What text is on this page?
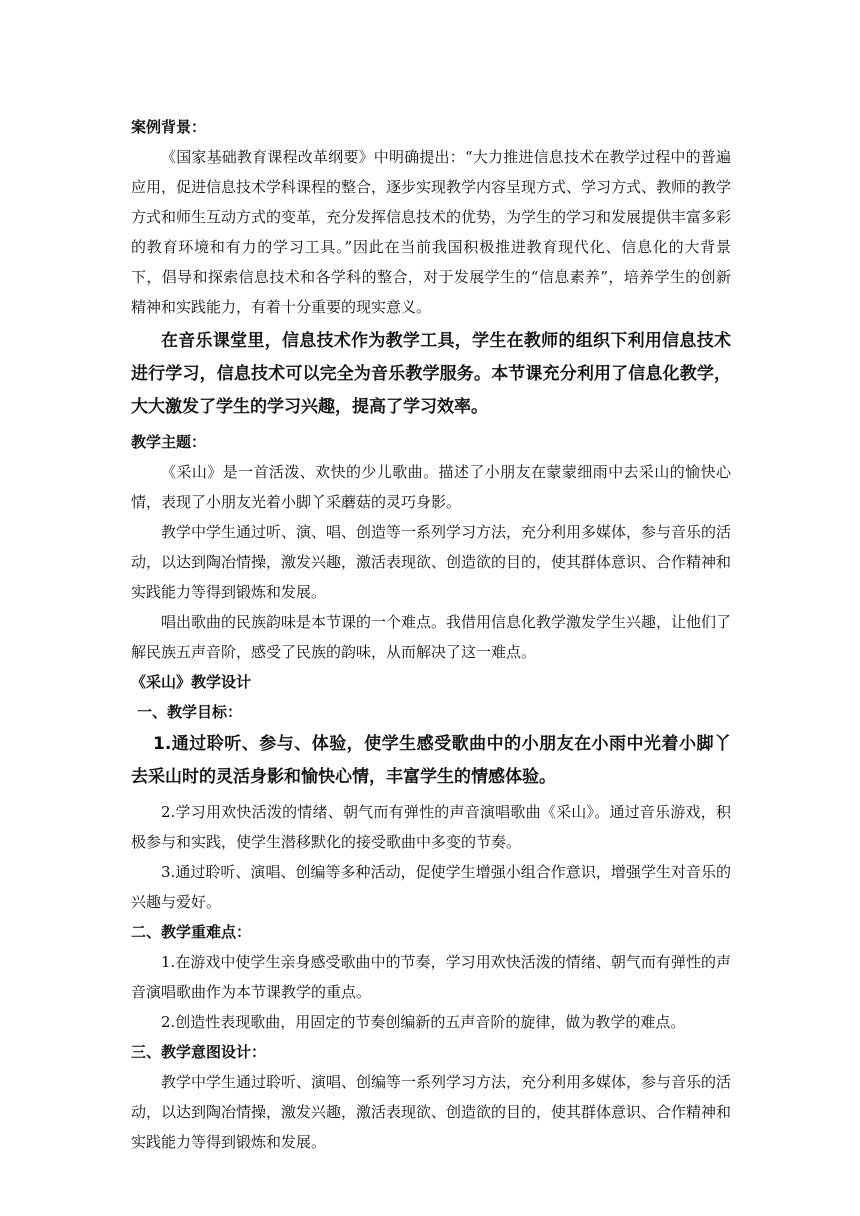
案例背景：

《国家基础教育课程改革纲要》中明确提出：“大力推进信息技术在教学过程中的普遍应用，促进信息技术学科课程的整合，逐步实现教学内容呈现方式、学习方式、教师的教学方式和师生互动方式的变革，充分发挥信息技术的优势，为学生的学习和发展提供丰富多彩的教育环境和有力的学习工具。”因此在当前我国积极推进教育现代化、信息化的大背景下，倡导和探索信息技术和各学科的整合，对于发展学生的“信息素养”，培养学生的创新精神和实践能力，有着十分重要的现实意义。

在音乐课堂里，信息技术作为教学工具，学生在教师的组织下利用信息技术进行学习，信息技术可以完全为音乐教学服务。本节课充分利用了信息化教学，大大激发了学生的学习兴趣，提高了学习效率。

教学主题：

《采山》是一首活泼、欢快的少儿歌曲。描述了小朋友在蒙蒙细雨中去采山的愉快心情，表现了小朋友光着小脚丫采蘑菇的灵巧身影。

教学中学生通过听、演、唱、创造等一系列学习方法，充分利用多媒体，参与音乐的活动，以达到陶冶情操，激发兴趣，激活表现欲、创造欲的目的，使其群体意识、合作精神和实践能力等得到锻炼和发展。

唱出歌曲的民族韵味是本节课的一个难点。我借用信息化教学激发学生兴趣，让他们了解民族五声音阶，感受了民族的韵味，从而解决了这一难点。

《采山》教学设计

一、教学目标：

1.通过聆听、参与、体验，使学生感受歌曲中的小朋友在小雨中光着小脚丫去采山时的灵活身影和愉快心情，丰富学生的情感体验。

2.学习用欢快活泼的情绪、朝气而有弹性的声音演唱歌曲《采山》。通过音乐游戏，积极参与和实践，使学生潜移默化的接受歌曲中多变的节奏。

3.通过聆听、演唱、创编等多种活动，促使学生增强小组合作意识，增强学生对音乐的兴趣与爱好。

二、教学重难点：

1.在游戏中使学生亲身感受歌曲中的节奏，学习用欢快活泼的情绪、朝气而有弹性的声音演唱歌曲作为本节课教学的重点。

2.创造性表现歌曲，用固定的节奏创编新的五声音阶的旋律，做为教学的难点。

三、教学意图设计：

教学中学生通过聆听、演唱、创编等一系列学习方法，充分利用多媒体，参与音乐的活动，以达到陶冶情操，激发兴趣，激活表现欲、创造欲的目的，使其群体意识、合作精神和实践能力等得到锻炼和发展。
